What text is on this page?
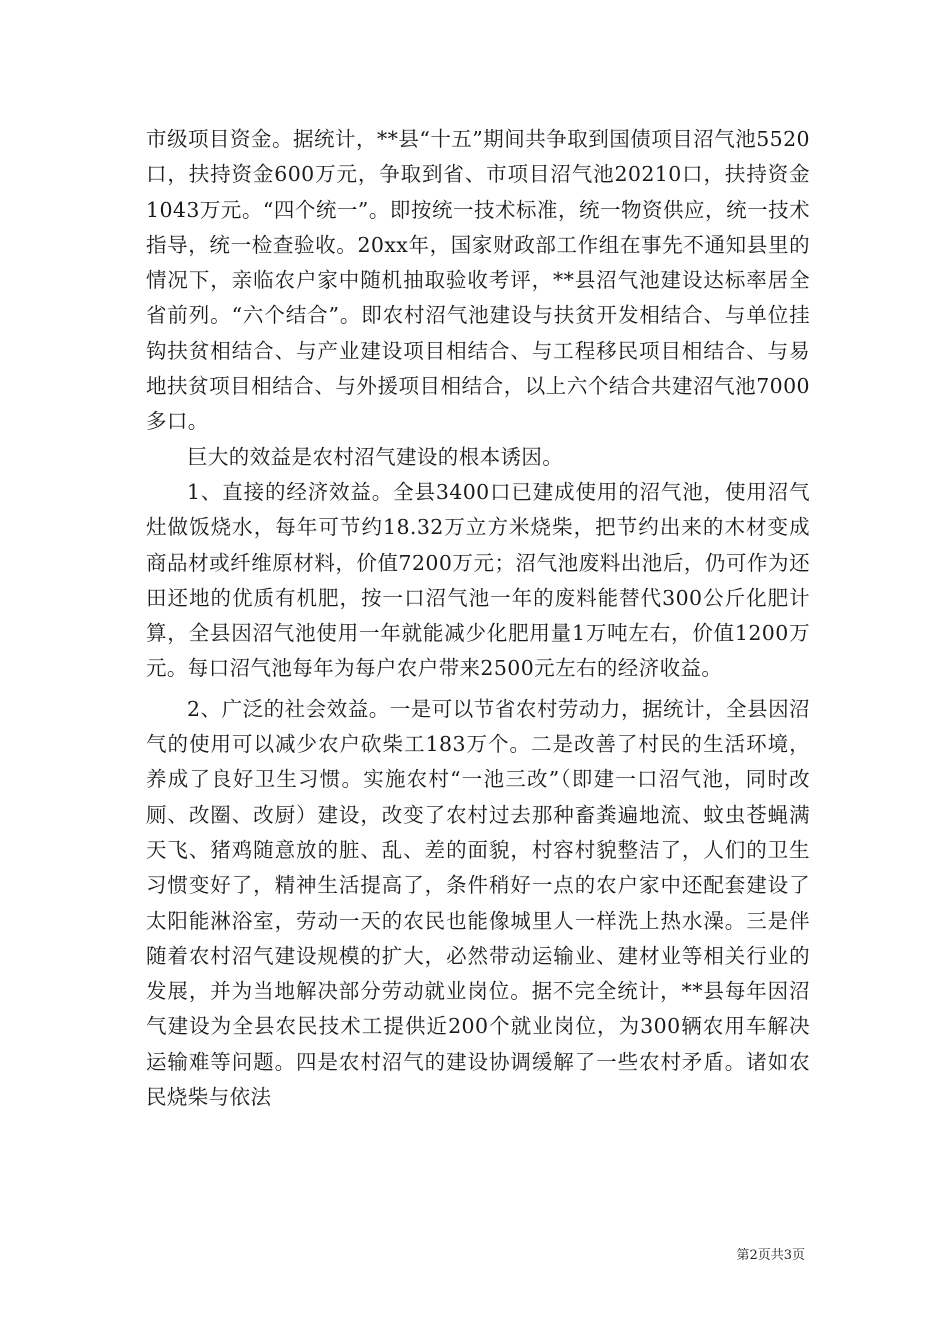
市级项目资金。据统计，**县“十五”期间共争取到国债项目沼气池5520口，扶持资金600万元，争取到省、市项目沼气池20210口，扶持资金1043万元。“四个统一”。即按统一技术标准，统一物资供应，统一技术指导，统一检查验收。20xx年，国家财政部工作组在事先不通知县里的情况下，亲临农户家中随机抽取验收考评，**县沼气池建设达标率居全省前列。“六个结合”。即农村沼气池建设与扶贫开发相结合、与单位挂钩扶贫相结合、与产业建设项目相结合、与工程移民项目相结合、与易地扶贫项目相结合、与外援项目相结合，以上六个结合共建沼气池7000多口。

巨大的效益是农村沼气建设的根本诱因。

1、直接的经济效益。全县3400口已建成使用的沼气池，使用沼气灶做饭烧水，每年可节约18.32万立方米烧柴，把节约出来的木材变成商品材或纤维原材料，价值7200万元；沼气池废料出池后，仍可作为还田还地的优质有机肥，按一口沼气池一年的废料能替代300公斤化肥计算，全县因沼气池使用一年就能减少化肥用量1万吨左右，价值1200万元。每口沼气池每年为每户农户带来2500元左右的经济收益。

2、广泛的社会效益。一是可以节省农村劳动力，据统计，全县因沼气的使用可以减少农户砍柴工183万个。二是改善了村民的生活环境，养成了良好卫生习惯。实施农村“一池三改”（即建一口沼气池，同时改厕、改圈、改厨）建设，改变了农村过去那种畜粪遍地流、蚊虫苍蝇满天飞、猪鸡随意放的脏、乱、差的面貌，村容村貌整洁了，人们的卫生习惯变好了，精神生活提高了，条件稍好一点的农户家中还配套建设了太阳能淋浴室，劳动一天的农民也能像城里人一样洗上热水澡。三是伴随着农村沼气建设规模的扩大，必然带动运输业、建材业等相关行业的发展，并为当地解决部分劳动就业岗位。据不完全统计，**县每年因沼气建设为全县农民技术工提供近200个就业岗位，为300辆农用车解决运输难等问题。四是农村沼气的建设协调缓解了一些农村矛盾。诸如农民烧柴与依法

第2页共3页
